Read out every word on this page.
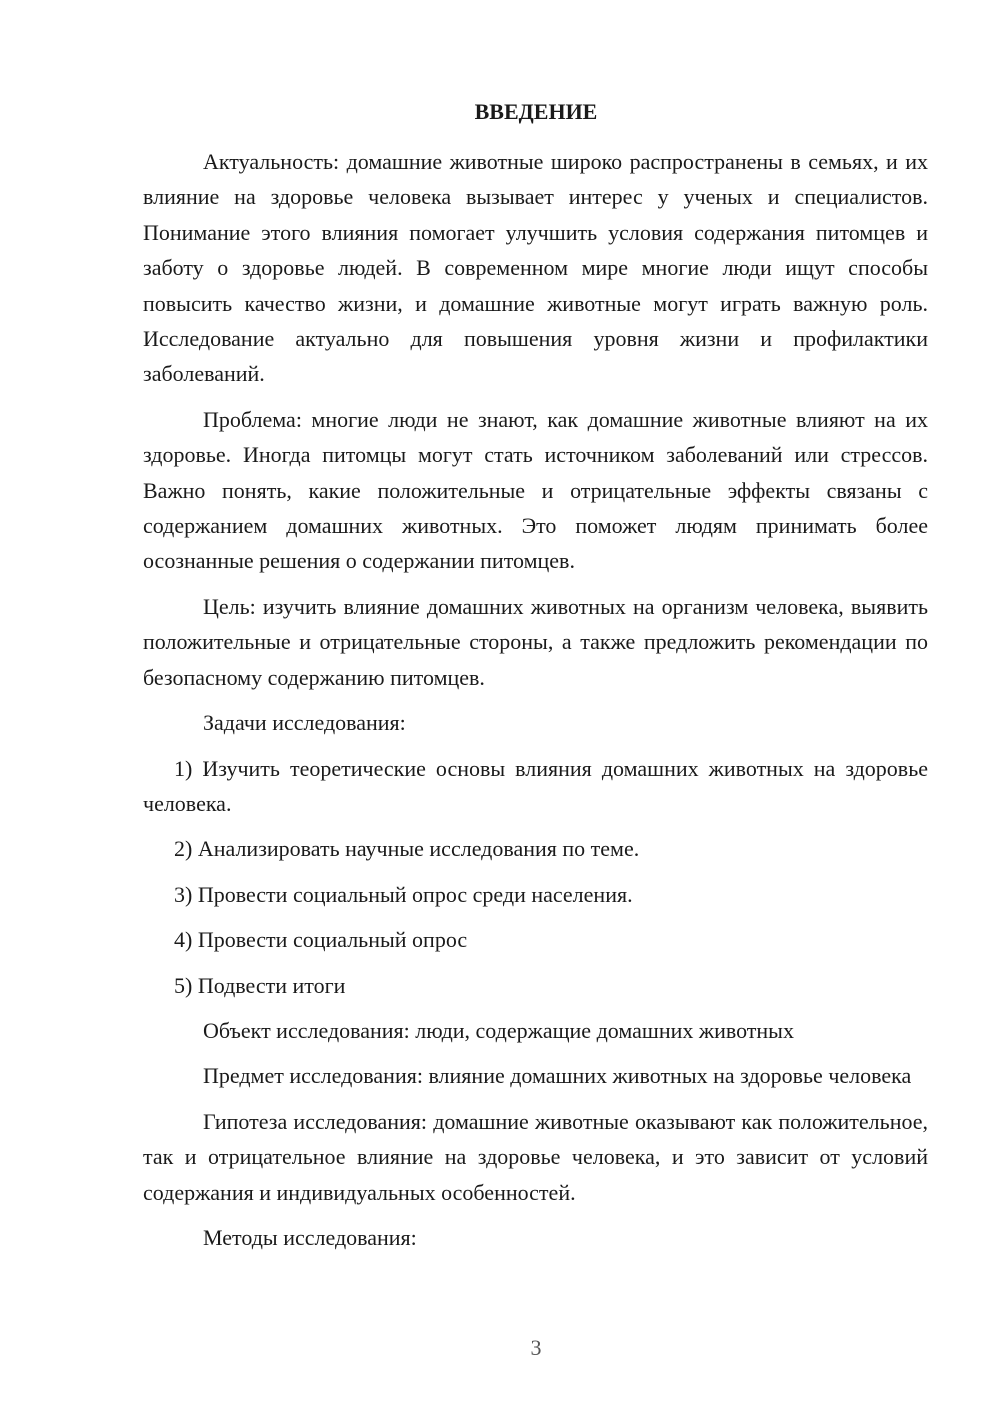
ВВЕДЕНИЕ

Актуальность: домашние животные широко распространены в семьях, и их влияние на здоровье человека вызывает интерес у ученых и специалистов. Понимание этого влияния помогает улучшить условия содержания питомцев и заботу о здоровье людей. В современном мире многие люди ищут способы повысить качество жизни, и домашние животные могут играть важную роль. Исследование актуально для повышения уровня жизни и профилактики заболеваний.

Проблема: многие люди не знают, как домашние животные влияют на их здоровье. Иногда питомцы могут стать источником заболеваний или стрессов. Важно понять, какие положительные и отрицательные эффекты связаны с содержанием домашних животных. Это поможет людям принимать более осознанные решения о содержании питомцев.

Цель: изучить влияние домашних животных на организм человека, выявить положительные и отрицательные стороны, а также предложить рекомендации по безопасному содержанию питомцев.

Задачи исследования:

1) Изучить теоретические основы влияния домашних животных на здоровье человека.

2) Анализировать научные исследования по теме.

3) Провести социальный опрос среди населения.

4) Провести социальный опрос

5) Подвести итоги

Объект исследования: люди, содержащие домашних животных

Предмет исследования: влияние домашних животных на здоровье человека

Гипотеза исследования: домашние животные оказывают как положительное, так и отрицательное влияние на здоровье человека, и это зависит от условий содержания и индивидуальных особенностей.

Методы исследования:

3
